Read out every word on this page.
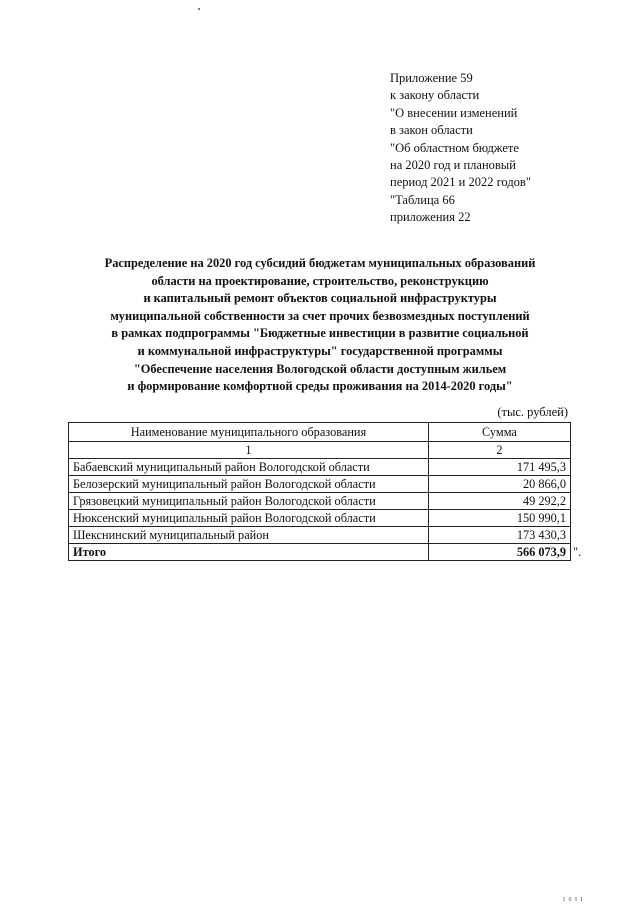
Приложение 59
к закону области
"О внесении изменений
в закон области
"Об областном бюджете
на 2020 год и плановый
период 2021 и 2022 годов"
"Таблица 66
приложения 22
Распределение на 2020 год субсидий бюджетам муниципальных образований
области на проектирование, строительство, реконструкцию
и капитальный ремонт объектов социальной инфраструктуры
муниципальной собственности за счет прочих безвозмездных поступлений
в рамках подпрограммы "Бюджетные инвестиции в развитие социальной
и коммунальной инфраструктуры" государственной программы
"Обеспечение населения Вологодской области доступным жильем
и формирование комфортной среды проживания на 2014-2020 годы"
(тыс. рублей)
Наименование муниципального образования	Сумма
1	2
Бабаевский муниципальный район Вологодской области	171 495,3
Белозерский муниципальный район Вологодской области	20 866,0
Грязовецкий муниципальный район Вологодской области	49 292,2
Нюксенский муниципальный район Вологодской области	150 990,1
Шекснинский муниципальный район	173 430,3
Итого	566 073,9 ".
I 6 I I
